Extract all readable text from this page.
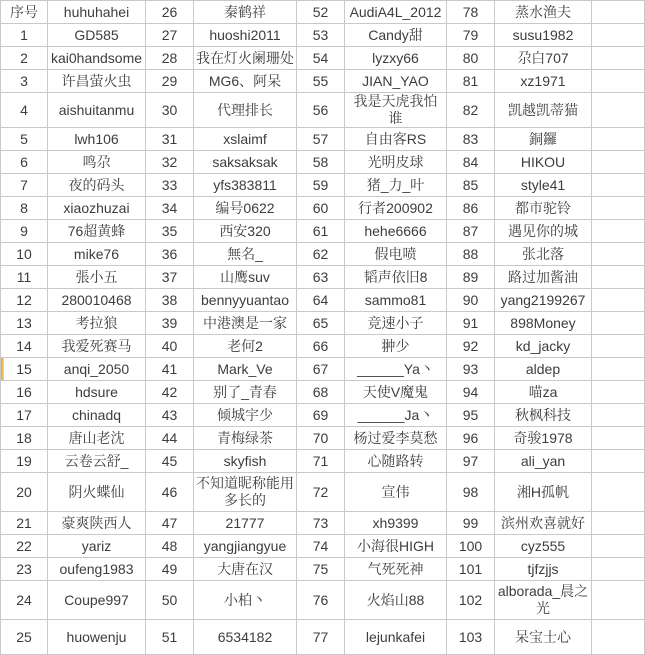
序号	huhuhahei	26	秦鹤祥	52	AudiA4L_2012	78	蒸水渔夫	
1	GD585	27	huoshi2011	53	Candy甜	79	susu1982	
2	kai0handsome	28	我在灯火阑珊处	54	lyzxy66	80	尕白707	
3	许昌萤火虫	29	MG6、阿呆	55	JIAN_YAO	81	xz1971	
4	aishuitanmu	30	代理排长	56	我是天虎我怕谁	82	凯越凯蒂猫	
5	lwh106	31	xslaimf	57	自由客RS	83	銅鑼	
6	鸣尕	32	saksaksak	58	光明皮球	84	HIKOU	
7	夜的码头	33	yfs383811	59	猪_力_叶	85	style41	
8	xiaozhuzai	34	编号0622	60	行者200902	86	都市驼铃	
9	76超黄蜂	35	西安320	61	hehe6666	87	遇见你的城	
10	mike76	36	無名_	62	假电喷	88	张北落	
11	張小五	37	山鹰suv	63	韬声依旧8	89	路过加酱油	
12	280010468	38	bennyyuantao	64	sammo81	90	yang2199267	
13	考拉狼	39	中港澳是一家	65	竞速小子	91	898Money	
14	我爱死赛马	40	老何2	66	翀少	92	kd_jacky	
15	anqi_2050	41	Mark_Ve	67	______Ya丶	93	aldep	
16	hdsure	42	别了_青春	68	天使V魔鬼	94	喵za	
17	chinadq	43	倾城宇少	69	______Ja丶	95	秋枫科技	
18	唐山老沈	44	青梅绿茶	70	杨过爱李莫愁	96	奇骏1978	
19	云卷云舒_	45	skyfish	71	心随路转	97	ali_yan	
20	阴火蝶仙	46	不知道昵称能用多长的	72	宣伟	98	湘H孤帆	
21	豪爽陕西人	47	21777	73	xh9399	99	滨州欢喜就好	
22	yariz	48	yangjiangyue	74	小海很HIGH	100	cyz555	
23	oufeng1983	49	大唐在汉	75	气死死神	101	tjfzjjs	
24	Coupe997	50	小柏丶	76	火焰山88	102	alborada_晨之光	
25	huowenju	51	6534182	77	lejunkafei	103	呆宝士心	
